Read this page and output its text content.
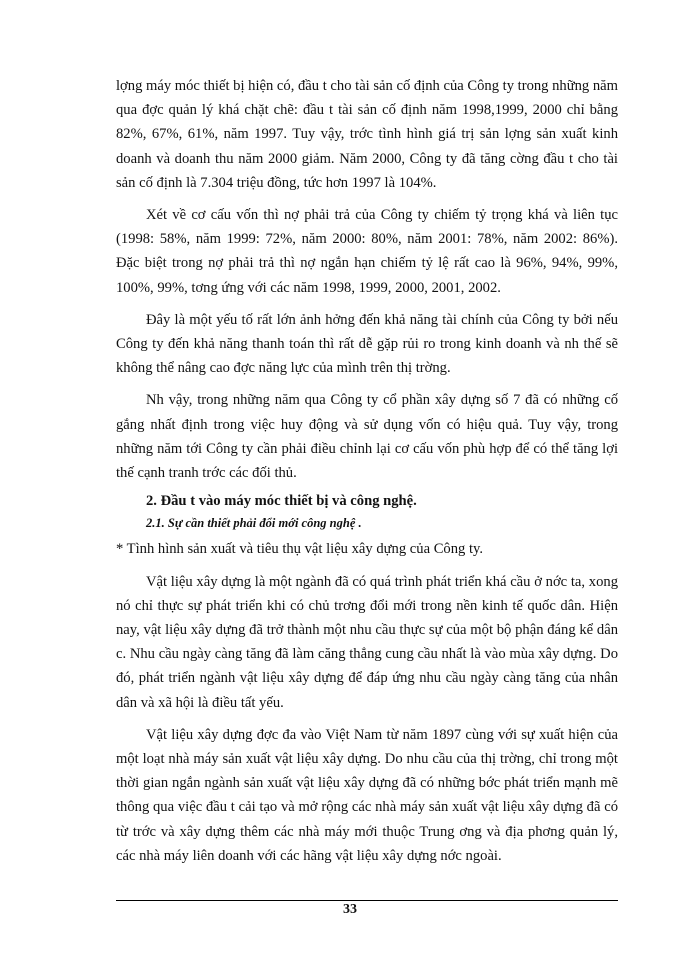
lợng máy móc thiết bị hiện có, đầu t cho tài sản cố định của Công ty trong những năm qua đợc quản lý khá chặt chẽ: đầu t tài sản cố định năm 1998,1999, 2000 chỉ bằng 82%, 67%, 61%, năm 1997. Tuy vậy, trớc tình hình giá trị sản lợng sản xuất kinh doanh và doanh thu năm 2000 giảm. Năm 2000, Công ty đã tăng cờng đầu t cho tài sản cố định là 7.304 triệu đồng, tức hơn 1997 là 104%.

Xét về cơ cấu vốn thì nợ phải trả của Công ty chiếm tỷ trọng khá và liên tục (1998: 58%, năm 1999: 72%, năm 2000: 80%, năm 2001: 78%, năm 2002: 86%). Đặc biệt trong nợ phải trả thì nợ ngắn hạn chiếm tỷ lệ rất cao là 96%, 94%, 99%, 100%, 99%, tơng ứng với các năm 1998, 1999, 2000, 2001, 2002.

Đây là một yếu tố rất lớn ảnh hởng đến khả năng tài chính của Công ty bởi nếu Công ty đến khả năng thanh toán thì rất dễ gặp rủi ro trong kinh doanh và nh thế sẽ không thể nâng cao đợc năng lực của mình trên thị trờng.

Nh vậy, trong những năm qua Công ty cổ phần xây dựng số 7 đã có những cố gắng nhất định trong việc huy động và sử dụng vốn có hiệu quả. Tuy vậy, trong những năm tới Công ty cần phải điều chỉnh lại cơ cấu vốn phù hợp để có thể tăng lợi thế cạnh tranh trớc các đối thủ.

2. Đầu t vào máy móc thiết bị và công nghệ.

2.1. Sự cần thiết phải đổi mới công nghệ .

* Tình hình sản xuất và tiêu thụ vật liệu xây dựng của Công ty.

Vật liệu xây dựng là một ngành đã có quá trình phát triển khá cầu ở nớc ta, xong nó chỉ thực sự phát triển khi có chủ trơng đổi mới trong nền kinh tế quốc dân. Hiện nay, vật liệu xây dựng đã trở thành một nhu cầu thực sự của một bộ phận đáng kể dân c. Nhu cầu ngày càng tăng đã làm căng thẳng cung cầu nhất là vào mùa xây dựng. Do đó, phát triển ngành vật liệu xây dựng để đáp ứng nhu cầu ngày càng tăng của nhân dân và xã hội là điều tất yếu.

Vật liệu xây dựng đợc đa vào Việt Nam từ năm 1897 cùng với sự xuất hiện của một loạt nhà máy sản xuất vật liệu xây dựng. Do nhu cầu của thị trờng, chỉ trong một thời gian ngắn ngành sản xuất vật liệu xây dựng đã có những bớc phát triển mạnh mẽ thông qua việc đầu t cải tạo và mở rộng các nhà máy sản xuất vật liệu xây dựng đã có từ trớc và xây dựng thêm các nhà máy mới thuộc Trung ơng và địa phơng quản lý, các nhà máy liên doanh với các hãng vật liệu xây dựng nớc ngoài.

33
